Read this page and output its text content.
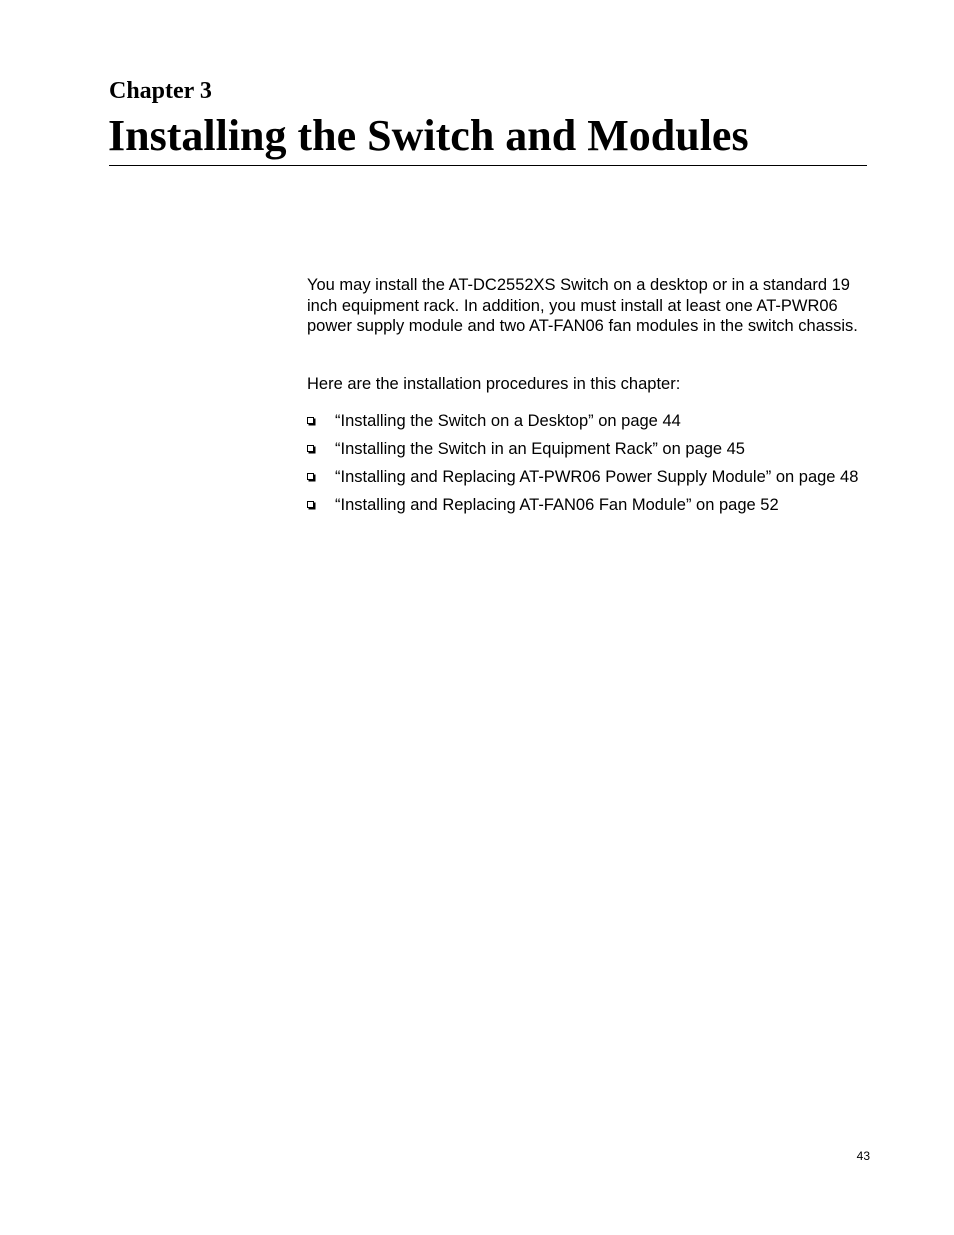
Chapter 3
Installing the Switch and Modules

You may install the AT-DC2552XS Switch on a desktop or in a standard 19 inch equipment rack. In addition, you must install at least one AT-PWR06 power supply module and two AT-FAN06 fan modules in the switch chassis.

Here are the installation procedures in this chapter:

“Installing the Switch on a Desktop” on page 44
“Installing the Switch in an Equipment Rack” on page 45
“Installing and Replacing AT-PWR06 Power Supply Module” on page 48
“Installing and Replacing AT-FAN06 Fan Module” on page 52

43
